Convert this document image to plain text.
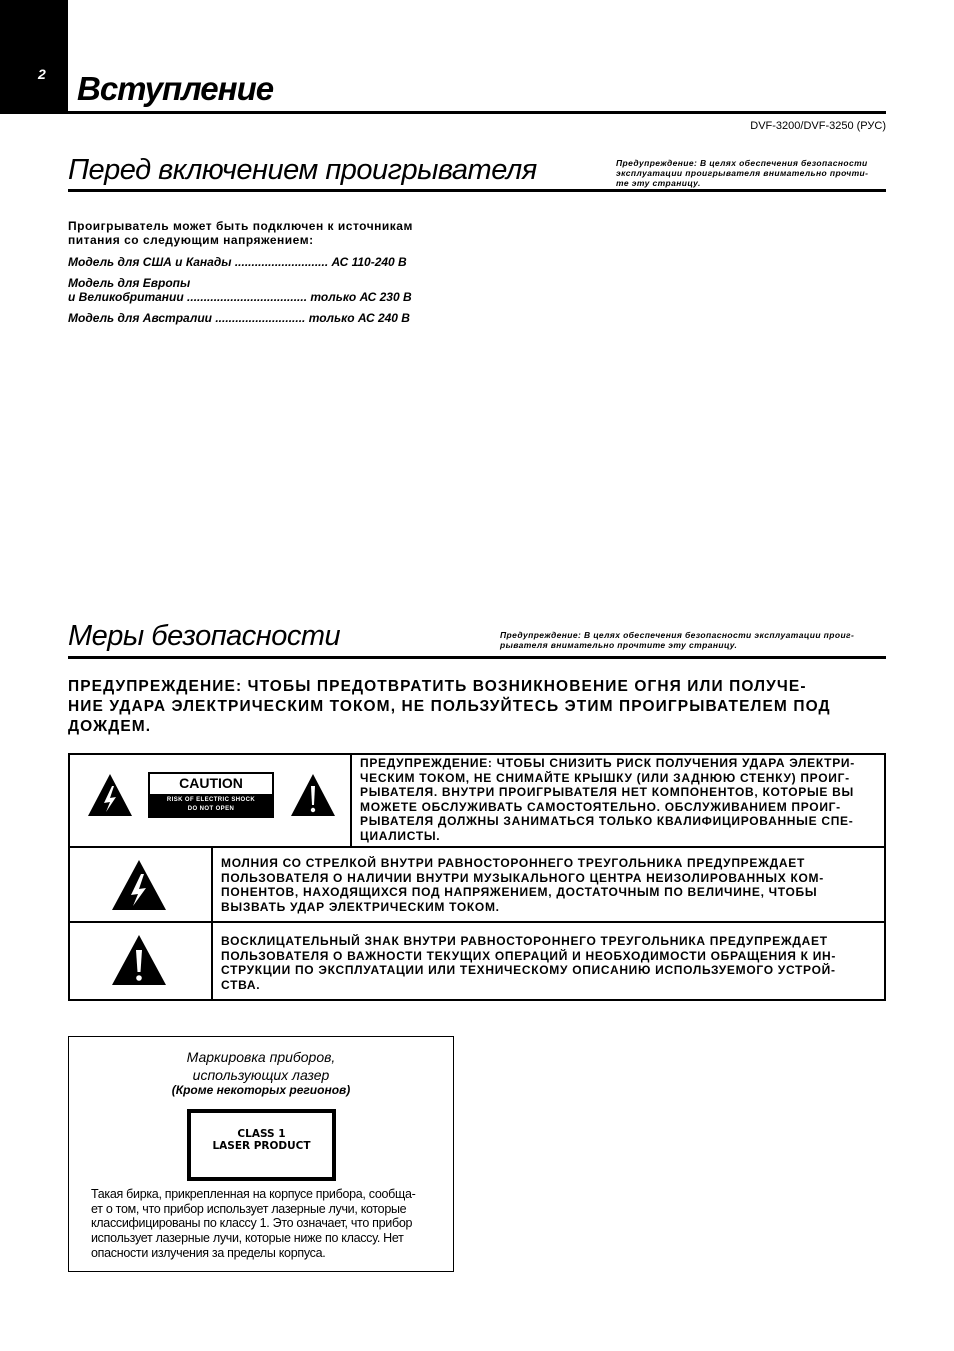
2 Вступление
DVF-3200/DVF-3250 (РУС)
Перед включением проигрывателя	Предупреждение: В целях обеспечения безопасности
эксплуатации проигрывателя внимательно прочти-
те эту страницу.
Проигрыватель может быть подключен к источникам
питания со следующим напряжением:
Модель для США и Канады ............................ АС 110-240 В
Модель для Европы
и Великобритании .................................... только АС 230 В
Модель для Австралии ........................... только АС 240 В
Меры безопасности	Предупреждение: В целях обеспечения безопасности эксплуатации проиг-
рывателя внимательно прочтите эту страницу.
ПРЕДУПРЕЖДЕНИЕ: ЧТОБЫ ПРЕДОТВРАТИТЬ ВОЗНИКНОВЕНИЕ ОГНЯ ИЛИ ПОЛУЧЕ-
НИЕ УДАРА ЭЛЕКТРИЧЕСКИМ ТОКОМ, НЕ ПОЛЬЗУЙТЕСЬ ЭТИМ ПРОИГРЫВАТЕЛЕМ ПОД
ДОЖДЕМ.
CAUTION
RISK OF ELECTRIC SHOCK
DO NOT OPEN
ПРЕДУПРЕЖДЕНИЕ: ЧТОБЫ СНИЗИТЬ РИСК ПОЛУЧЕНИЯ УДАРА ЭЛЕКТРИ-
ЧЕСКИМ ТОКОМ, НЕ СНИМАЙТЕ КРЫШКУ (ИЛИ ЗАДНЮЮ СТЕНКУ) ПРОИГ-
РЫВАТЕЛЯ. ВНУТРИ ПРОИГРЫВАТЕЛЯ НЕТ КОМПОНЕНТОВ, КОТОРЫЕ ВЫ
МОЖЕТЕ ОБСЛУЖИВАТЬ САМОСТОЯТЕЛЬНО. ОБСЛУЖИВАНИЕМ ПРОИГ-
РЫВАТЕЛЯ ДОЛЖНЫ ЗАНИМАТЬСЯ ТОЛЬКО КВАЛИФИЦИРОВАННЫЕ СПЕ-
ЦИАЛИСТЫ.
МОЛНИЯ СО СТРЕЛКОЙ ВНУТРИ РАВНОСТОРОННЕГО ТРЕУГОЛЬНИКА ПРЕДУПРЕЖДАЕТ
ПОЛЬЗОВАТЕЛЯ О НАЛИЧИИ ВНУТРИ МУЗЫКАЛЬНОГО ЦЕНТРА НЕИЗОЛИРОВАННЫХ КОМ-
ПОНЕНТОВ, НАХОДЯЩИХСЯ ПОД НАПРЯЖЕНИЕМ, ДОСТАТОЧНЫМ ПО ВЕЛИЧИНЕ, ЧТОБЫ
ВЫЗВАТЬ УДАР ЭЛЕКТРИЧЕСКИМ ТОКОМ.
ВОСКЛИЦАТЕЛЬНЫЙ ЗНАК ВНУТРИ РАВНОСТОРОННЕГО ТРЕУГОЛЬНИКА ПРЕДУПРЕЖДАЕТ
ПОЛЬЗОВАТЕЛЯ О ВАЖНОСТИ ТЕКУЩИХ ОПЕРАЦИЙ И НЕОБХОДИМОСТИ ОБРАЩЕНИЯ К ИН-
СТРУКЦИИ ПО ЭКСПЛУАТАЦИИ ИЛИ ТЕХНИЧЕСКОМУ ОПИСАНИЮ ИСПОЛЬЗУЕМОГО УСТРОЙ-
СТВА.
Маркировка приборов,
использующих лазер
(Кроме некоторых регионов)
CLASS 1
LASER PRODUCT
Такая бирка, прикрепленная на корпусе прибора, сообща-
ет о том, что прибор использует лазерные лучи, которые
классифицированы по классу 1. Это означает, что прибор
использует лазерные лучи, которые ниже по классу. Нет
опасности излучения за пределы корпуса.
